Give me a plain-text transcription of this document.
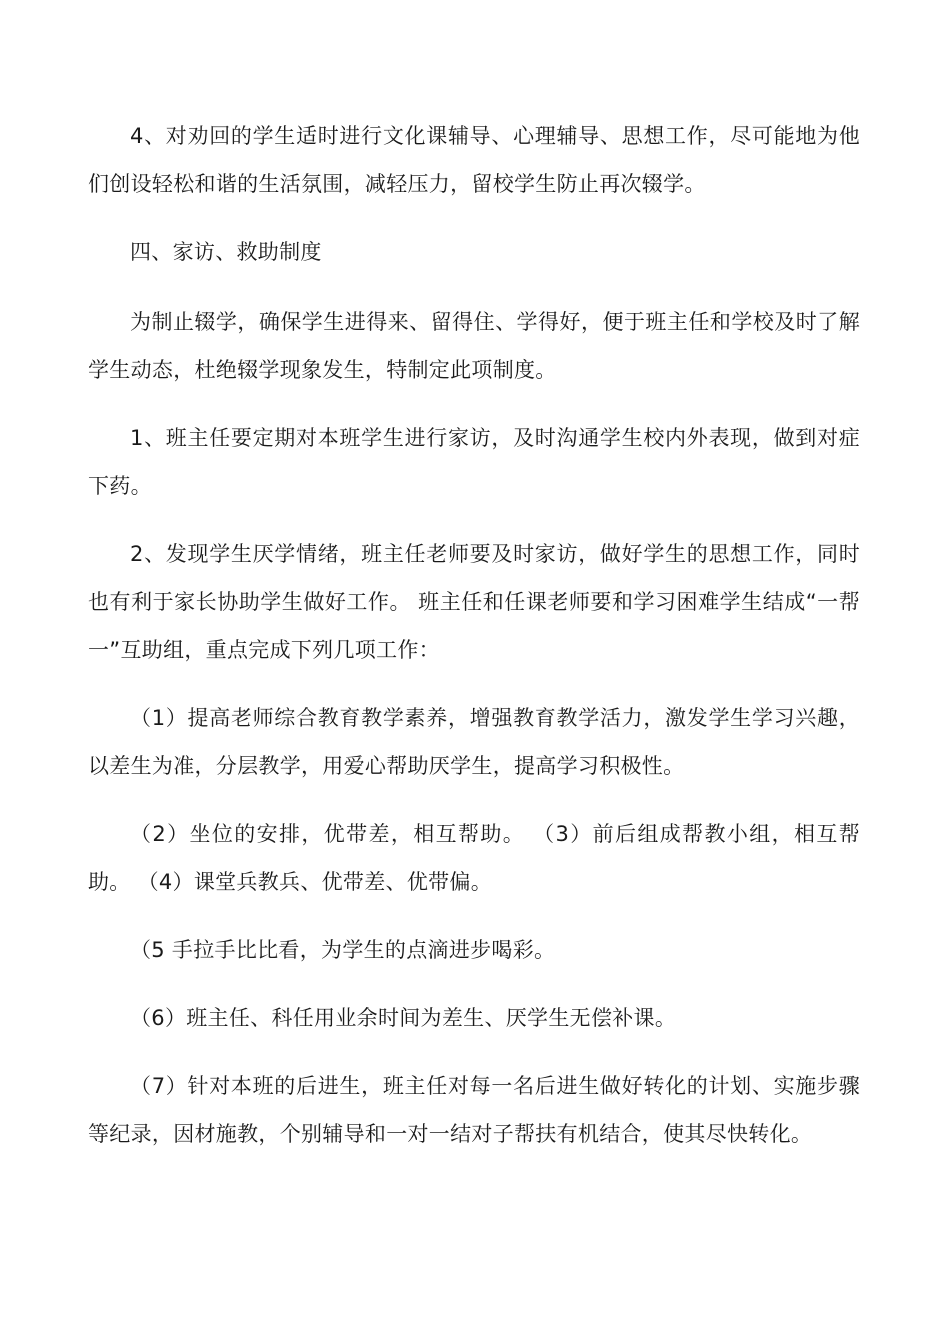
4、对劝回的学生适时进行文化课辅导、心理辅导、思想工作，尽可能地为他们创设轻松和谐的生活氛围，减轻压力，留校学生防止再次辍学。

四、家访、救助制度

为制止辍学，确保学生进得来、留得住、学得好，便于班主任和学校及时了解学生动态，杜绝辍学现象发生，特制定此项制度。

1、班主任要定期对本班学生进行家访，及时沟通学生校内外表现，做到对症下药。

2、发现学生厌学情绪，班主任老师要及时家访，做好学生的思想工作，同时也有利于家长协助学生做好工作。 班主任和任课老师要和学习困难学生结成“一帮一”互助组，重点完成下列几项工作：

（1）提高老师综合教育教学素养，增强教育教学活力，激发学生学习兴趣，以差生为准，分层教学，用爱心帮助厌学生，提高学习积极性。

（2）坐位的安排，优带差，相互帮助。 （3）前后组成帮教小组，相互帮助。 （4）课堂兵教兵、优带差、优带偏。

（5 手拉手比比看，为学生的点滴进步喝彩。

（6）班主任、科任用业余时间为差生、厌学生无偿补课。

（7）针对本班的后进生，班主任对每一名后进生做好转化的计划、实施步骤等纪录，因材施教，个别辅导和一对一结对子帮扶有机结合，使其尽快转化。
